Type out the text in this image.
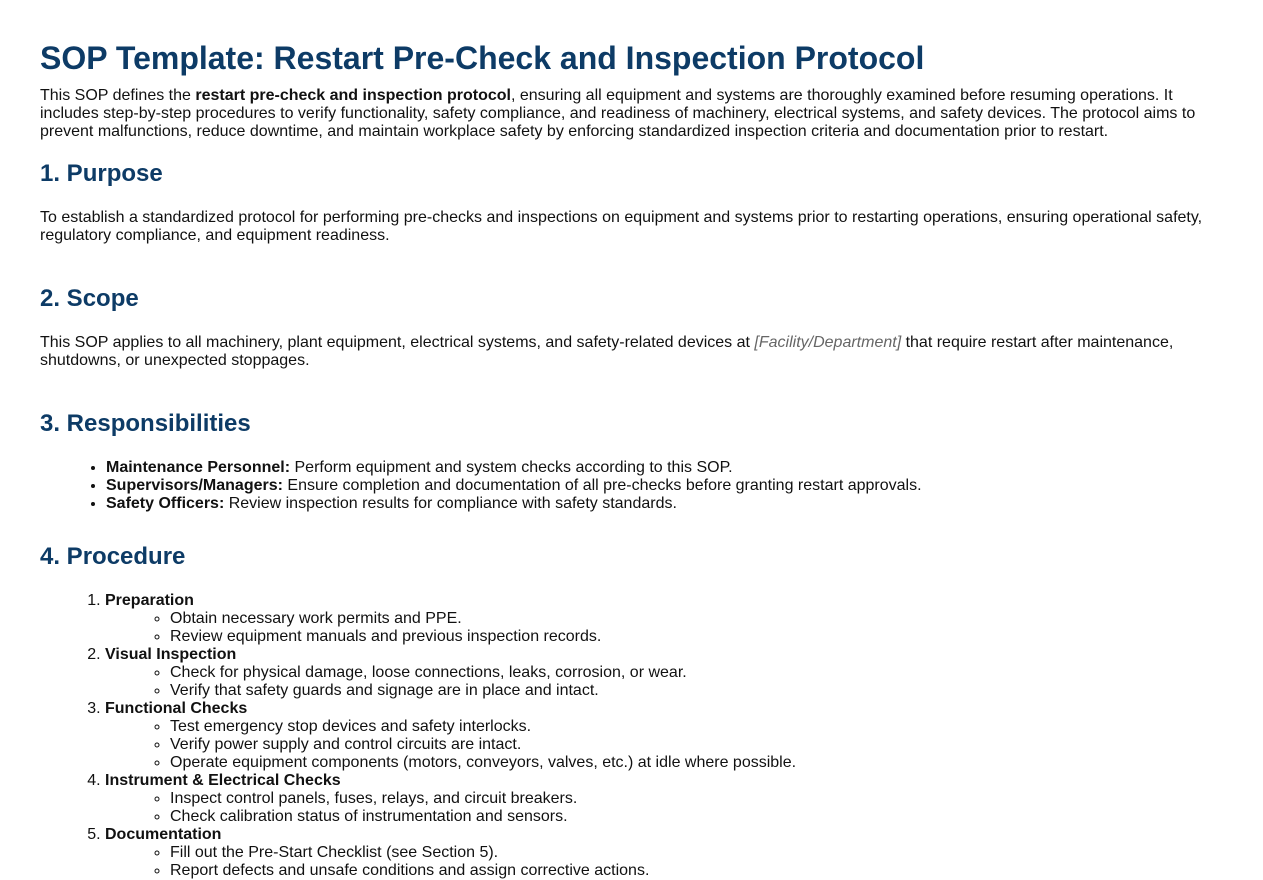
SOP Template: Restart Pre-Check and Inspection Protocol

This SOP defines the restart pre-check and inspection protocol, ensuring all equipment and systems are thoroughly examined before resuming operations. It includes step-by-step procedures to verify functionality, safety compliance, and readiness of machinery, electrical systems, and safety devices. The protocol aims to prevent malfunctions, reduce downtime, and maintain workplace safety by enforcing standardized inspection criteria and documentation prior to restart.

1. Purpose

To establish a standardized protocol for performing pre-checks and inspections on equipment and systems prior to restarting operations, ensuring operational safety, regulatory compliance, and equipment readiness.

2. Scope

This SOP applies to all machinery, plant equipment, electrical systems, and safety-related devices at [Facility/Department] that require restart after maintenance, shutdowns, or unexpected stoppages.

3. Responsibilities
• Maintenance Personnel: Perform equipment and system checks according to this SOP.
• Supervisors/Managers: Ensure completion and documentation of all pre-checks before granting restart approvals.
• Safety Officers: Review inspection results for compliance with safety standards.
4. Procedure
1. Preparation
◦ Obtain necessary work permits and PPE.
◦ Review equipment manuals and previous inspection records.
2. Visual Inspection
◦ Check for physical damage, loose connections, leaks, corrosion, or wear.
◦ Verify that safety guards and signage are in place and intact.
3. Functional Checks
◦ Test emergency stop devices and safety interlocks.
◦ Verify power supply and control circuits are intact.
◦ Operate equipment components (motors, conveyors, valves, etc.) at idle where possible.
4. Instrument & Electrical Checks
◦ Inspect control panels, fuses, relays, and circuit breakers.
◦ Check calibration status of instrumentation and sensors.
5. Documentation
◦ Fill out the Pre-Start Checklist (see Section 5).
◦ Report defects and unsafe conditions and assign corrective actions.
